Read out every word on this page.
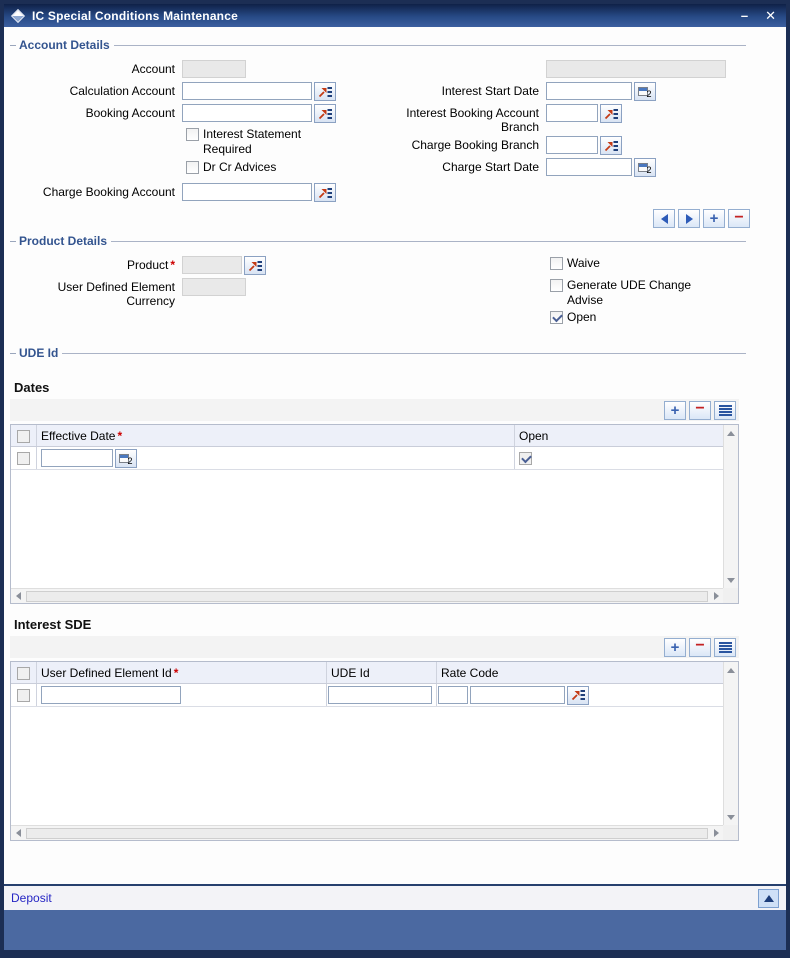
IC Special Conditions Maintenance	– ✕
Account Details
Account
Calculation Account
Booking Account
Interest Statement Required
Dr Cr Advices
Charge Booking Account
Interest Start Date	2
Interest Booking Account Branch
Charge Booking Branch
Charge Start Date	2
+ −
Product Details
Product *
User Defined Element Currency
Waive
Generate UDE Change Advise
Open
UDE Id
Dates
+ −
Effective Date *	Open
2
Interest SDE
+ −
User Defined Element Id *	UDE Id	Rate Code
Deposit
